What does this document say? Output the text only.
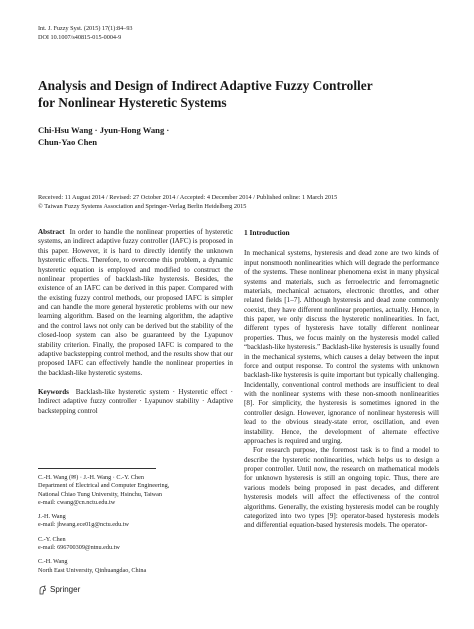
Int. J. Fuzzy Syst. (2015) 17(1):84–93
DOI 10.1007/s40815-015-0004-9
Analysis and Design of Indirect Adaptive Fuzzy Controller
for Nonlinear Hysteretic Systems
Chi-Hsu Wang · Jyun-Hong Wang ·
Chun-Yao Chen
Received: 11 August 2014 / Revised: 27 October 2014 / Accepted: 4 December 2014 / Published online: 1 March 2015
© Taiwan Fuzzy Systems Association and Springer-Verlag Berlin Heidelberg 2015
Abstract In order to handle the nonlinear properties of hysteretic systems, an indirect adaptive fuzzy controller (IAFC) is proposed in this paper. However, it is hard to directly identify the unknown hysteretic effects. Therefore, to overcome this problem, a dynamic hysteretic equation is employed and modified to construct the nonlinear properties of backlash-like hysteresis. Besides, the existence of an IAFC can be derived in this paper. Compared with the existing fuzzy control methods, our proposed IAFC is simpler and can handle the more general hysteretic problems with our new learning algorithm. Based on the learning algorithm, the adaptive and the control laws not only can be derived but the stability of the closed-loop system can also be guaranteed by the Lyapunov stability criterion. Finally, the proposed IAFC is compared to the adaptive backstepping control method, and the results show that our proposed IAFC can effectively handle the nonlinear properties in the backlash-like hysteretic systems.
Keywords Backlash-like hysteretic system · Hysteretic effect · Indirect adaptive fuzzy controller · Lyapunov stability · Adaptive backstepping control
C.-H. Wang (✉) · J.-H. Wang · C.-Y. Chen
Department of Electrical and Computer Engineering,
National Chiao Tung University, Hsinchu, Taiwan
e-mail: cwang@cn.nctu.edu.tw
J.-H. Wang
e-mail: jhwang.ece01g@nctu.edu.tw
C.-Y. Chen
e-mail: 696700309@ntnu.edu.tw
C.-H. Wang
North East University, Qinhuangdao, China
Springer
1 Introduction

In mechanical systems, hysteresis and dead zone are two kinds of input nonsmooth nonlinearities which will degrade the performance of the systems. These nonlinear phenomena exist in many physical systems and materials, such as ferroelectric and ferromagnetic materials, mechanical actuators, electronic throttles, and other related fields [1–7]. Although hysteresis and dead zone commonly coexist, they have different nonlinear properties, actually. Hence, in this paper, we only discuss the hysteretic nonlinearities. In fact, different types of hysteresis have totally different nonlinear properties. Thus, we focus mainly on the hysteresis model called “backlash-like hysteresis.” Backlash-like hysteresis is usually found in the mechanical systems, which causes a delay between the input force and output response. To control the systems with unknown backlash-like hysteresis is quite important but typically challenging. Incidentally, conventional control methods are insufficient to deal with the nonlinear systems with these non-smooth nonlinearities [8]. For simplicity, the hysteresis is sometimes ignored in the controller design. However, ignorance of nonlinear hysteresis will lead to the obvious steady-state error, oscillation, and even instability. Hence, the development of alternate effective approaches is required and urging.

For research purpose, the foremost task is to find a model to describe the hysteretic nonlinearities, which helps us to design a proper controller. Until now, the research on mathematical models for unknown hysteresis is still an ongoing topic. Thus, there are various models being proposed in past decades, and different hysteresis models will affect the effectiveness of the control algorithms. Generally, the existing hysteresis model can be roughly categorized into two types [9]: operator-based hysteresis models and differential equation-based hysteresis models. The operator-
